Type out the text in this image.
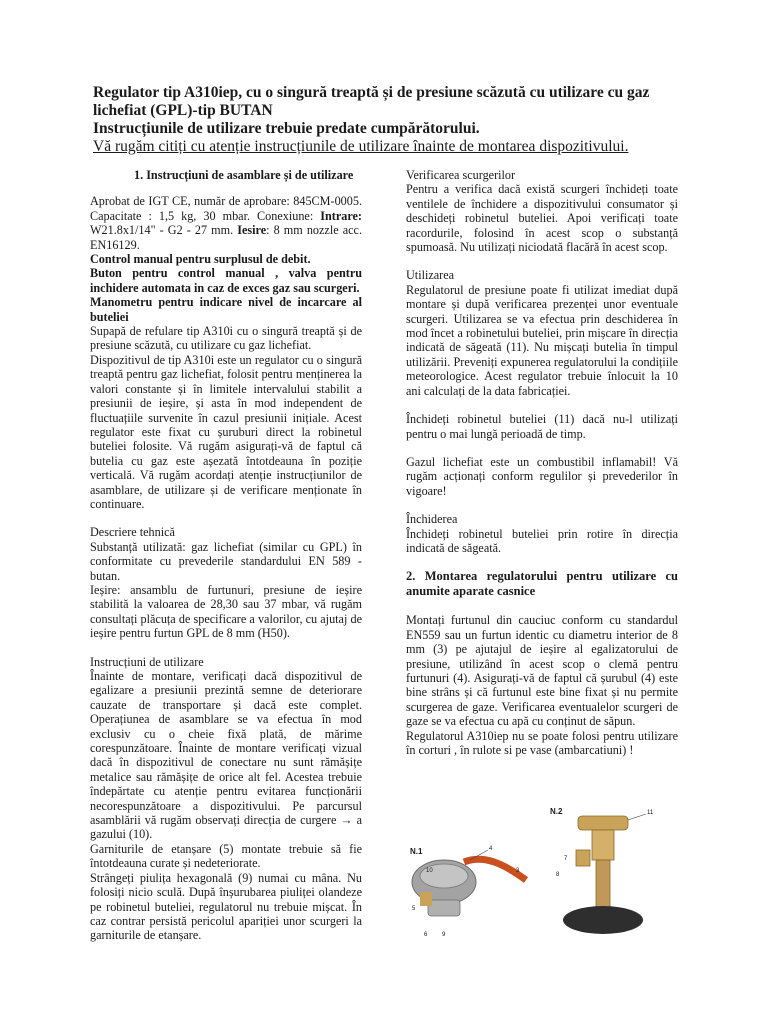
Regulator tip A310iep, cu o singură treaptă și de presiune scăzută cu utilizare cu gaz lichefiat (GPL)-tip BUTAN

Instrucțiunile de utilizare trebuie predate cumpărătorului.

Vă rugăm citiți cu atenție instrucțiunile de utilizare înainte de montarea dispozitivului.

1. Instrucțiuni de asamblare și de utilizare

Aprobat de IGT CE, număr de aprobare: 845CM-0005. Capacitate : 1,5 kg, 30 mbar. Conexiune: Intrare: W21.8x1/14" - G2 - 27 mm. Iesire: 8 mm nozzle acc. EN16129.

Control manual pentru surplusul de debit.

Buton pentru control manual , valva pentru inchidere automata in caz de exces gaz sau scurgeri.

Manometru pentru indicare nivel de incarcare al buteliei

Supapă de refulare tip A310i cu o singură treaptă și de presiune scăzută, cu utilizare cu gaz lichefiat.

Dispozitivul de tip A310i este un regulator cu o singură treaptă pentru gaz lichefiat, folosit pentru menținerea la valori constante și în limitele intervalului stabilit a presiunii de ieșire, și asta în mod independent de fluctuațiile survenite în cazul presiunii inițiale. Acest regulator este fixat cu șuruburi direct la robinetul buteliei folosite. Vă rugăm asigurați-vă de faptul că butelia cu gaz este așezată întotdeauna în poziție verticală. Vă rugăm acordați atenție instrucțiunilor de asamblare, de utilizare și de verificare menționate în continuare.

Descriere tehnică

Substanță utilizată: gaz lichefiat (similar cu GPL) în conformitate cu prevederile standardului EN 589 - butan.

Ieșire: ansamblu de furtunuri, presiune de ieșire stabilită la valoarea de 28,30 sau 37 mbar, vă rugăm consultați plăcuța de specificare a valorilor, cu ajutaj de ieșire pentru furtun GPL de 8 mm (H50).

Instrucțiuni de utilizare

Înainte de montare, verificați dacă dispozitivul de egalizare a presiunii prezintă semne de deteriorare cauzate de transportare și dacă este complet. Operațiunea de asamblare se va efectua în mod exclusiv cu o cheie fixă plată, de mărime corespunzătoare. Înainte de montare verificați vizual dacă în dispozitivul de conectare nu sunt rămășițe metalice sau rămășițe de orice alt fel. Acestea trebuie îndepărtate cu atenție pentru evitarea funcționării necorespunzătoare a dispozitivului. Pe parcursul asamblării vă rugăm observați direcția de curgere → a gazului (10).

Garniturile de etanșare (5) montate trebuie să fie întotdeauna curate și nedeteriorate.

Strângeți piulița hexagonală (9) numai cu mâna. Nu folosiți nicio sculă. După înșurubarea piuliței olandeze pe robinetul buteliei, regulatorul nu trebuie mișcat. În caz contrar persistă pericolul apariției unor scurgeri la garniturile de etanșare.

Verificarea scurgerilor

Pentru a verifica dacă există scurgeri închideți toate ventilele de închidere a dispozitivului consumator și deschideți robinetul buteliei. Apoi verificați toate racordurile, folosind în acest scop o substanță spumoasă. Nu utilizați niciodată flacără în acest scop.

Utilizarea

Regulatorul de presiune poate fi utilizat imediat după montare și după verificarea prezenței unor eventuale scurgeri. Utilizarea se va efectua prin deschiderea în mod încet a robinetului buteliei, prin mișcare în direcția indicată de săgeată (11). Nu mișcați butelia în timpul utilizării. Preveniți expunerea regulatorului la condițiile meteorologice. Acest regulator trebuie înlocuit la 10 ani calculați de la data fabricației.

Închideți robinetul buteliei (11) dacă nu-l utilizați pentru o mai lungă perioadă de timp.

Gazul lichefiat este un combustibil inflamabil! Vă rugăm acționați conform regulilor și prevederilor în vigoare!

Închiderea

Închideți robinetul buteliei prin rotire în direcția indicată de săgeată.

2. Montarea regulatorului pentru utilizare cu anumite aparate casnice

Montați furtunul din cauciuc conform cu standardul EN559 sau un furtun identic cu diametru interior de 8 mm (3) pe ajutajul de ieșire al egalizatorului de presiune, utilizând în acest scop o clemă pentru furtunuri (4). Asigurați-vă de faptul că șurubul (4) este bine strâns și că furtunul este bine fixat și nu permite scurgerea de gaze. Verificarea eventualelor scurgeri de gaze se va efectua cu apă cu conținut de săpun.

Regulatorul A310iep nu se poate folosi pentru utilizare în corturi , în rulote si pe vase (ambarcatiuni) !

N.1	4
3
10
5
6 9
N.2	11
7
8
